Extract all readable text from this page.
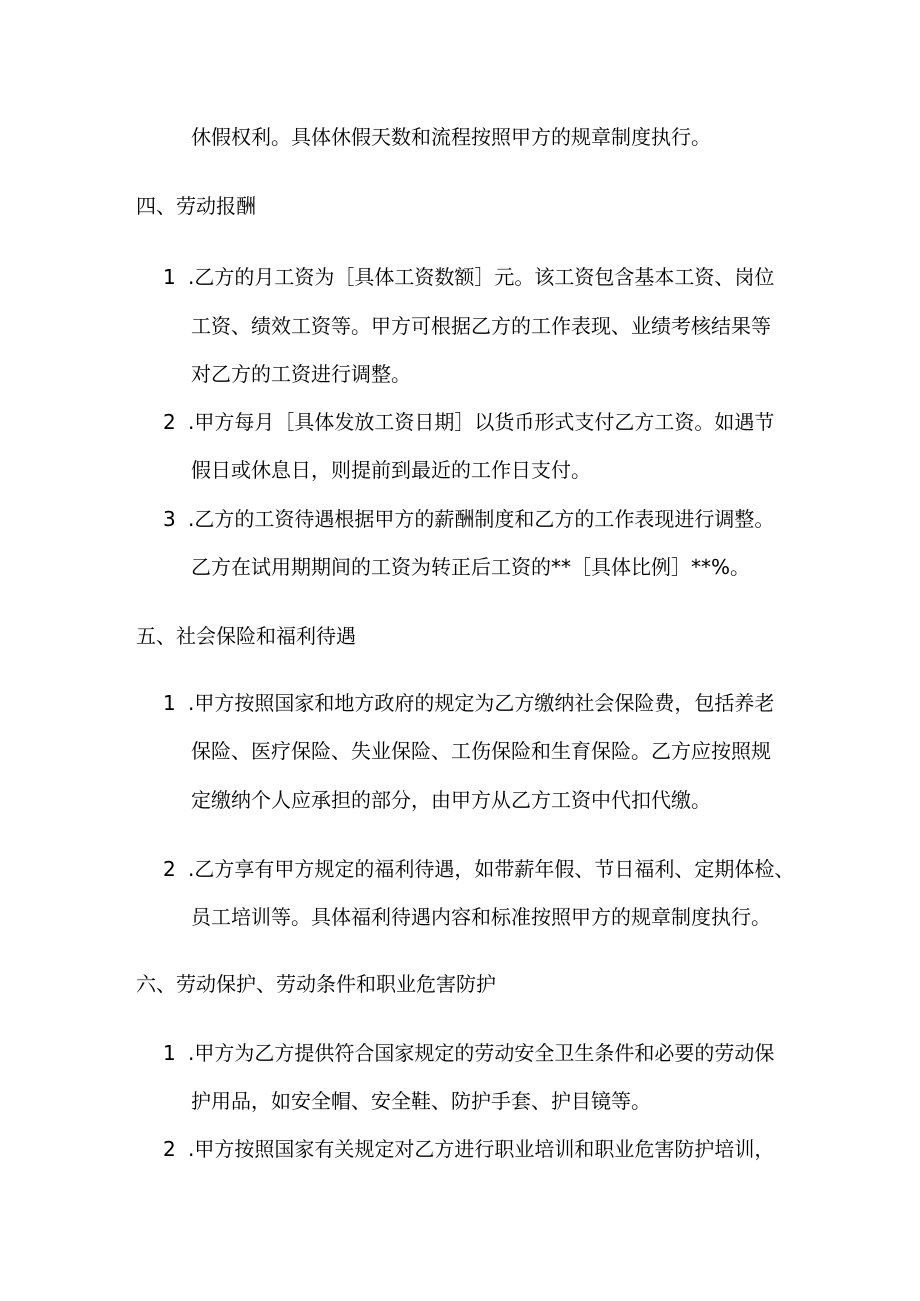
休假权利。具体休假天数和流程按照甲方的规章制度执行。
四、劳动报酬
1 .乙方的月工资为［具体工资数额］元。该工资包含基本工资、岗位
工资、绩效工资等。甲方可根据乙方的工作表现、业绩考核结果等
对乙方的工资进行调整。
2 .甲方每月［具体发放工资日期］以货币形式支付乙方工资。如遇节
假日或休息日，则提前到最近的工作日支付。
3 .乙方的工资待遇根据甲方的薪酬制度和乙方的工作表现进行调整。
乙方在试用期期间的工资为转正后工资的**［具体比例］**%。
五、社会保险和福利待遇
1 .甲方按照国家和地方政府的规定为乙方缴纳社会保险费，包括养老
保险、医疗保险、失业保险、工伤保险和生育保险。乙方应按照规
定缴纳个人应承担的部分，由甲方从乙方工资中代扣代缴。
2 .乙方享有甲方规定的福利待遇，如带薪年假、节日福利、定期体检、
员工培训等。具体福利待遇内容和标准按照甲方的规章制度执行。
六、劳动保护、劳动条件和职业危害防护
1 .甲方为乙方提供符合国家规定的劳动安全卫生条件和必要的劳动保
护用品，如安全帽、安全鞋、防护手套、护目镜等。
2 .甲方按照国家有关规定对乙方进行职业培训和职业危害防护培训，
